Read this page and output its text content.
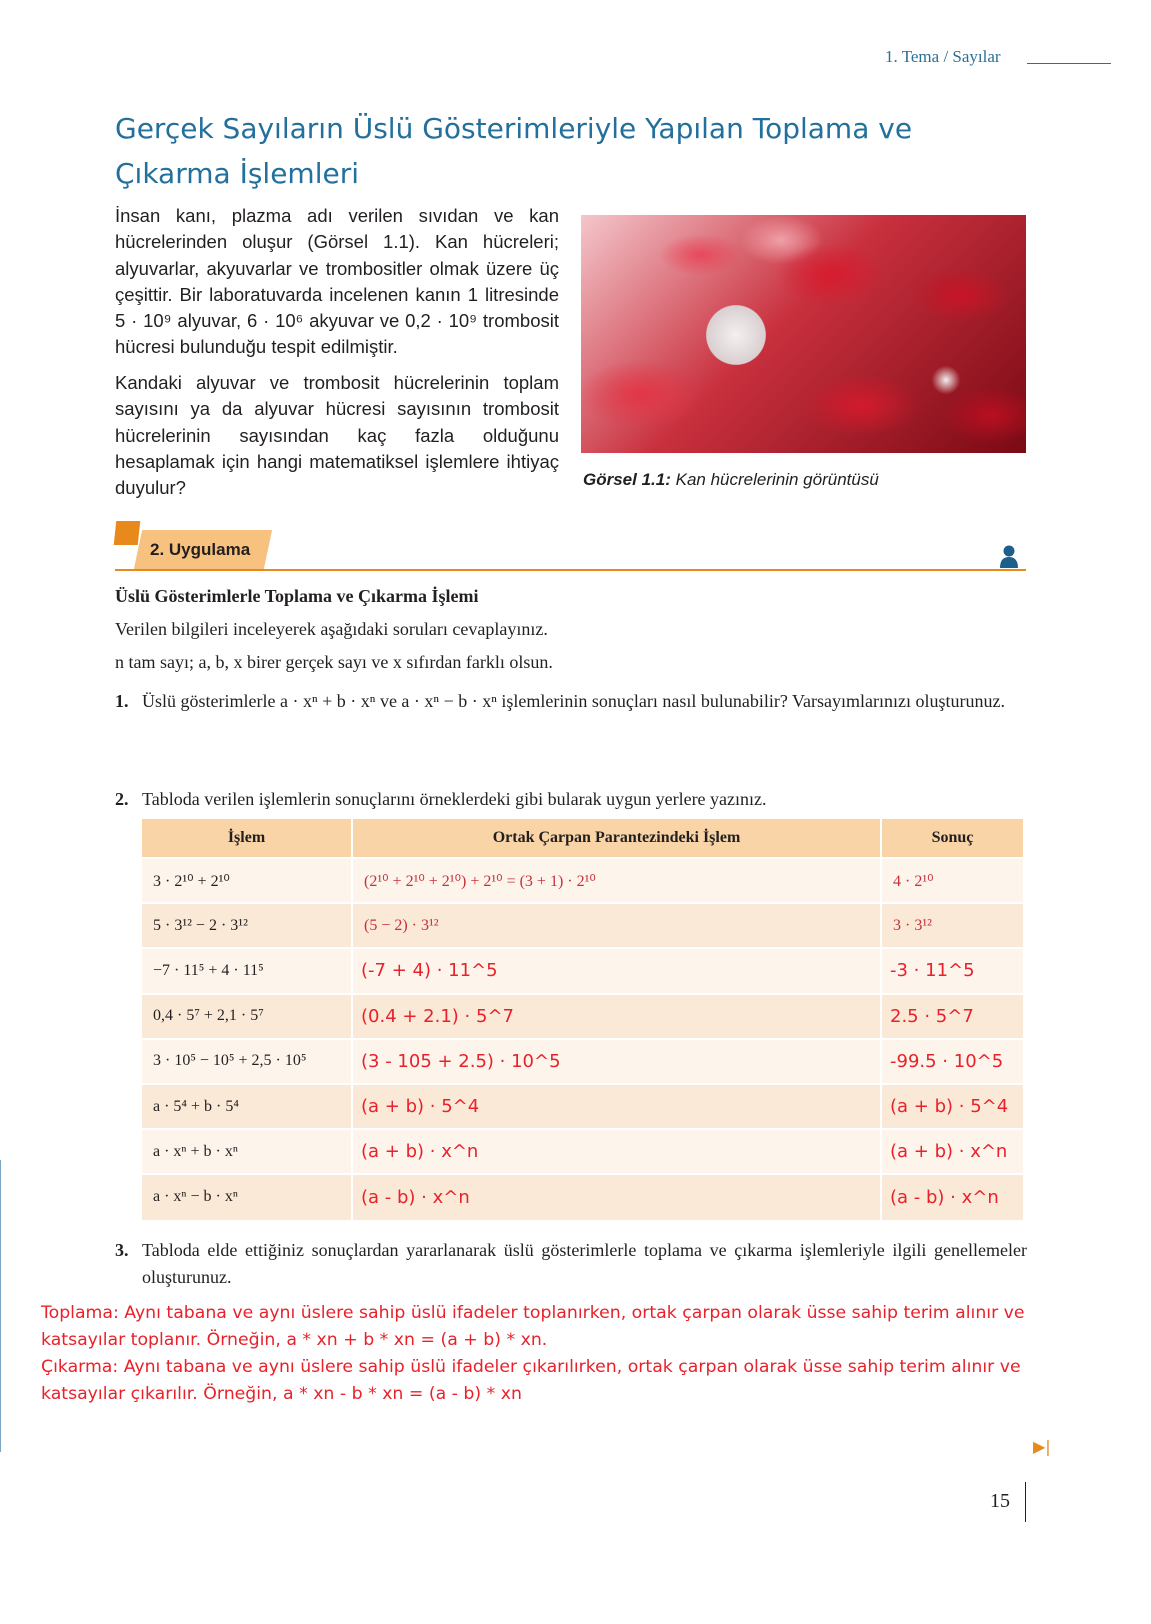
1. Tema / Sayılar
Gerçek Sayıların Üslü Gösterimleriyle Yapılan Toplama ve Çıkarma İşlemleri

İnsan kanı, plazma adı verilen sıvıdan ve kan hücrelerinden oluşur (Görsel 1.1). Kan hücreleri; alyuvarlar, akyuvarlar ve trombositler olmak üzere üç çeşittir. Bir laboratuvarda incelenen kanın 1 litresinde 5 · 10⁹ alyuvar, 6 · 10⁶ akyuvar ve 0,2 · 10⁹ trombosit hücresi bulunduğu tespit edilmiştir.

Kandaki alyuvar ve trombosit hücrelerinin toplam sayısını ya da alyuvar hücresi sayısının trombosit hücrelerinin sayısından kaç fazla olduğunu hesaplamak için hangi matematiksel işlemlere ihtiyaç duyulur?	Görsel 1.1: Kan hücrelerinin görüntüsü
2. Uygulama
Üslü Gösterimlerle Toplama ve Çıkarma İşlemi
Verilen bilgileri inceleyerek aşağıdaki soruları cevaplayınız.
n tam sayı; a, b, x birer gerçek sayı ve x sıfırdan farklı olsun.
1. Üslü gösterimlerle a · xⁿ + b · xⁿ ve a · xⁿ − b · xⁿ işlemlerinin sonuçları nasıl bulunabilir? Varsayımlarınızı oluşturunuz.
2. Tabloda verilen işlemlerin sonuçlarını örneklerdeki gibi bularak uygun yerlere yazınız.
İşlem	Ortak Çarpan Parantezindeki İşlem	Sonuç
3 · 2¹⁰ + 2¹⁰	(2¹⁰ + 2¹⁰ + 2¹⁰) + 2¹⁰ = (3 + 1) · 2¹⁰	4 · 2¹⁰
5 · 3¹² − 2 · 3¹²	(5 − 2) · 3¹²	3 · 3¹²
−7 · 11⁵ + 4 · 11⁵	(-7 + 4) · 11^5	-3 · 11^5
0,4 · 5⁷ + 2,1 · 5⁷	(0.4 + 2.1) · 5^7	2.5 · 5^7
3 · 10⁵ − 10⁵ + 2,5 · 10⁵	(3 - 105 + 2.5) · 10^5	-99.5 · 10^5
a · 5⁴ + b · 5⁴	(a + b) · 5^4	(a + b) · 5^4
a · xⁿ + b · xⁿ	(a + b) · x^n	(a + b) · x^n
a · xⁿ − b · xⁿ	(a - b) · x^n	(a - b) · x^n
3. Tabloda elde ettiğiniz sonuçlardan yararlanarak üslü gösterimlerle toplama ve çıkarma işlemleriyle ilgili genellemeler oluşturunuz.
Toplama: Aynı tabana ve aynı üslere sahip üslü ifadeler toplanırken, ortak çarpan olarak üsse sahip terim alınır ve katsayılar toplanır. Örneğin, a * xn + b * xn = (a + b) * xn.
Çıkarma: Aynı tabana ve aynı üslere sahip üslü ifadeler çıkarılırken, ortak çarpan olarak üsse sahip terim alınır ve katsayılar çıkarılır. Örneğin, a * xn - b * xn = (a - b) * xn
▶|
15
